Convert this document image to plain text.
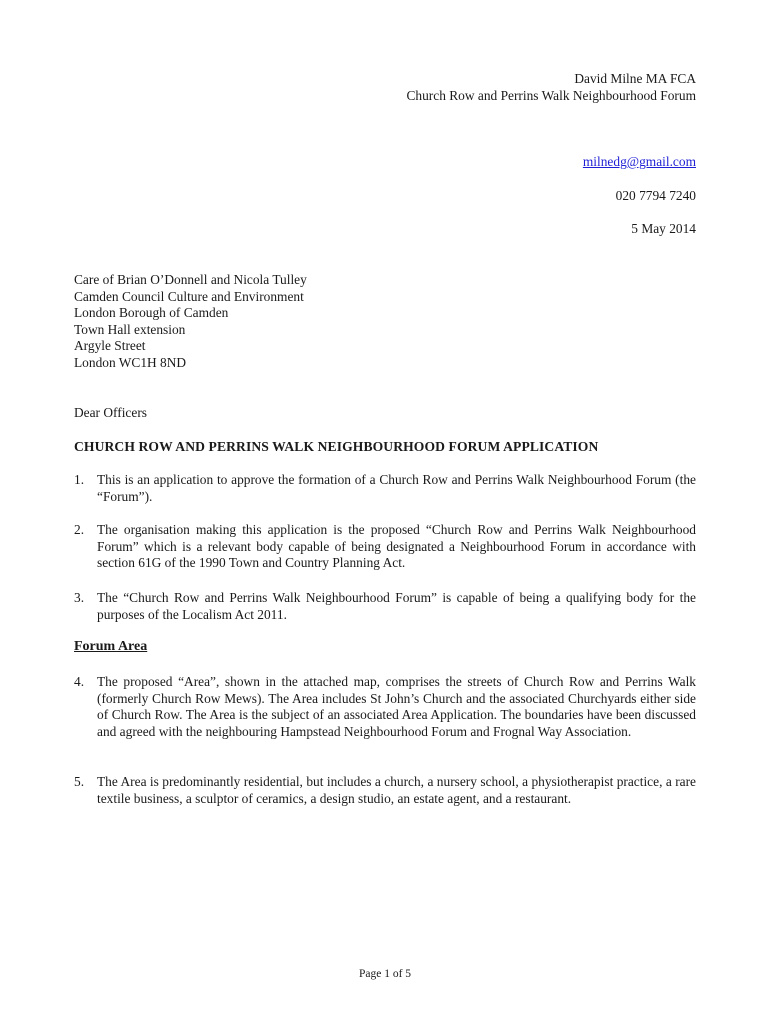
David Milne MA FCA
Church Row and Perrins Walk Neighbourhood Forum
milnedg@gmail.com
020 7794 7240
5 May 2014
Care of Brian O’Donnell and Nicola Tulley
Camden Council Culture and Environment
London Borough of Camden
Town Hall extension
Argyle Street
London WC1H 8ND
Dear Officers
CHURCH ROW AND PERRINS WALK NEIGHBOURHOOD FORUM APPLICATION
1. This is an application to approve the formation of a Church Row and Perrins Walk Neighbourhood Forum (the “Forum”).
2. The organisation making this application is the proposed “Church Row and Perrins Walk Neighbourhood Forum” which is a relevant body capable of being designated a Neighbourhood Forum in accordance with section 61G of the 1990 Town and Country Planning Act.
3. The “Church Row and Perrins Walk Neighbourhood Forum” is capable of being a qualifying body for the purposes of the Localism Act 2011.
Forum Area
4. The proposed “Area”, shown in the attached map, comprises the streets of Church Row and Perrins Walk (formerly Church Row Mews). The Area includes St John’s Church and the associated Churchyards either side of Church Row. The Area is the subject of an associated Area Application. The boundaries have been discussed and agreed with the neighbouring Hampstead Neighbourhood Forum and Frognal Way Association.
5. The Area is predominantly residential, but includes a church, a nursery school, a physiotherapist practice, a rare textile business, a sculptor of ceramics, a design studio, an estate agent, and a restaurant.
Page 1 of 5
